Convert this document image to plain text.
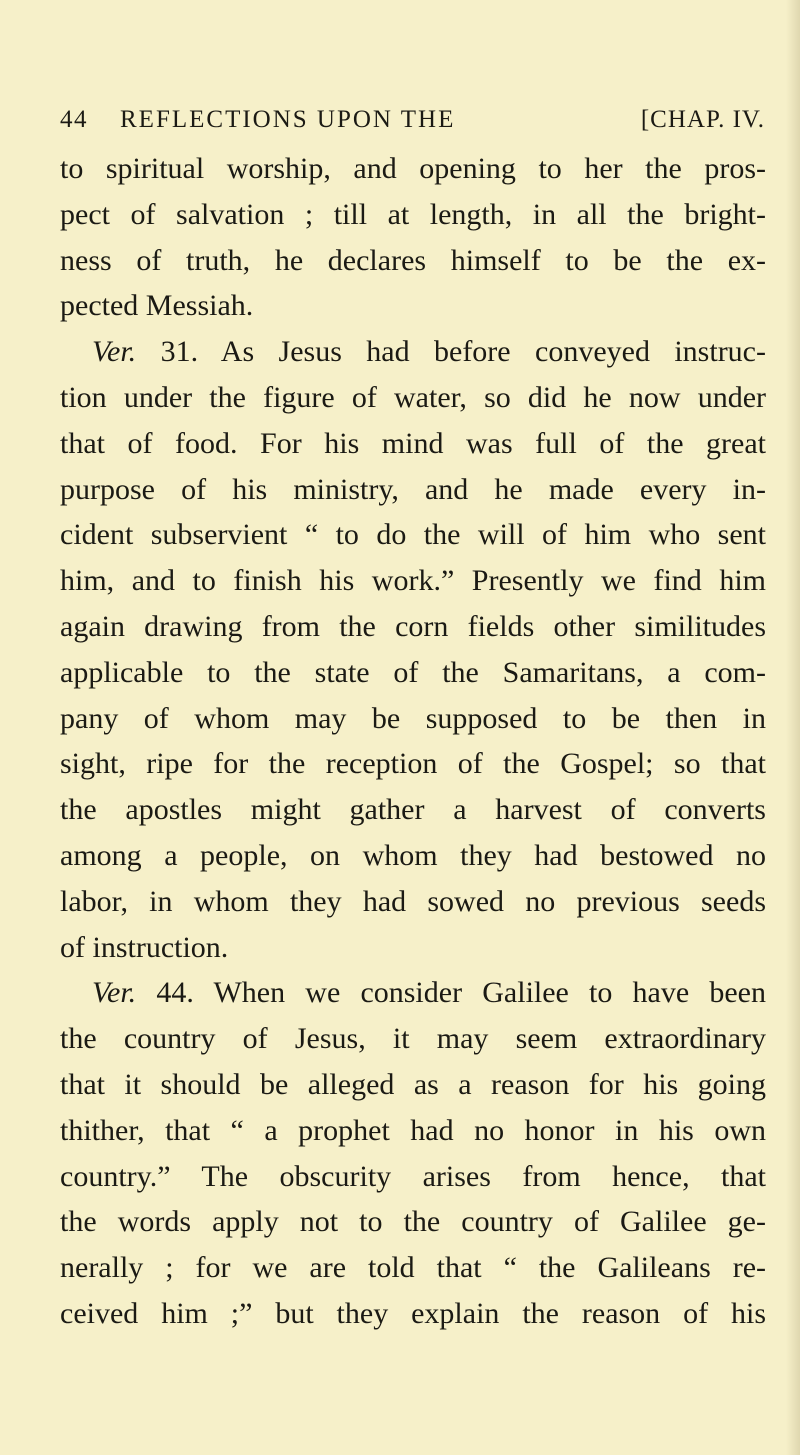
44 REFLECTIONS UPON THE	[CHAP. IV.
to spiritual worship, and opening to her the pros-
pect of salvation ; till at length, in all the bright-
ness of truth, he declares himself to be the ex-
pected Messiah.
Ver. 31. As Jesus had before conveyed instruc-
tion under the figure of water, so did he now under
that of food. For his mind was full of the great
purpose of his ministry, and he made every in-
cident subservient “ to do the will of him who sent
him, and to finish his work.” Presently we find him
again drawing from the corn fields other similitudes
applicable to the state of the Samaritans, a com-
pany of whom may be supposed to be then in
sight, ripe for the reception of the Gospel; so that
the apostles might gather a harvest of converts
among a people, on whom they had bestowed no
labor, in whom they had sowed no previous seeds
of instruction.
Ver. 44. When we consider Galilee to have been
the country of Jesus, it may seem extraordinary
that it should be alleged as a reason for his going
thither, that “ a prophet had no honor in his own
country.” The obscurity arises from hence, that
the words apply not to the country of Galilee ge-
nerally ; for we are told that “ the Galileans re-
ceived him ;” but they explain the reason of his
